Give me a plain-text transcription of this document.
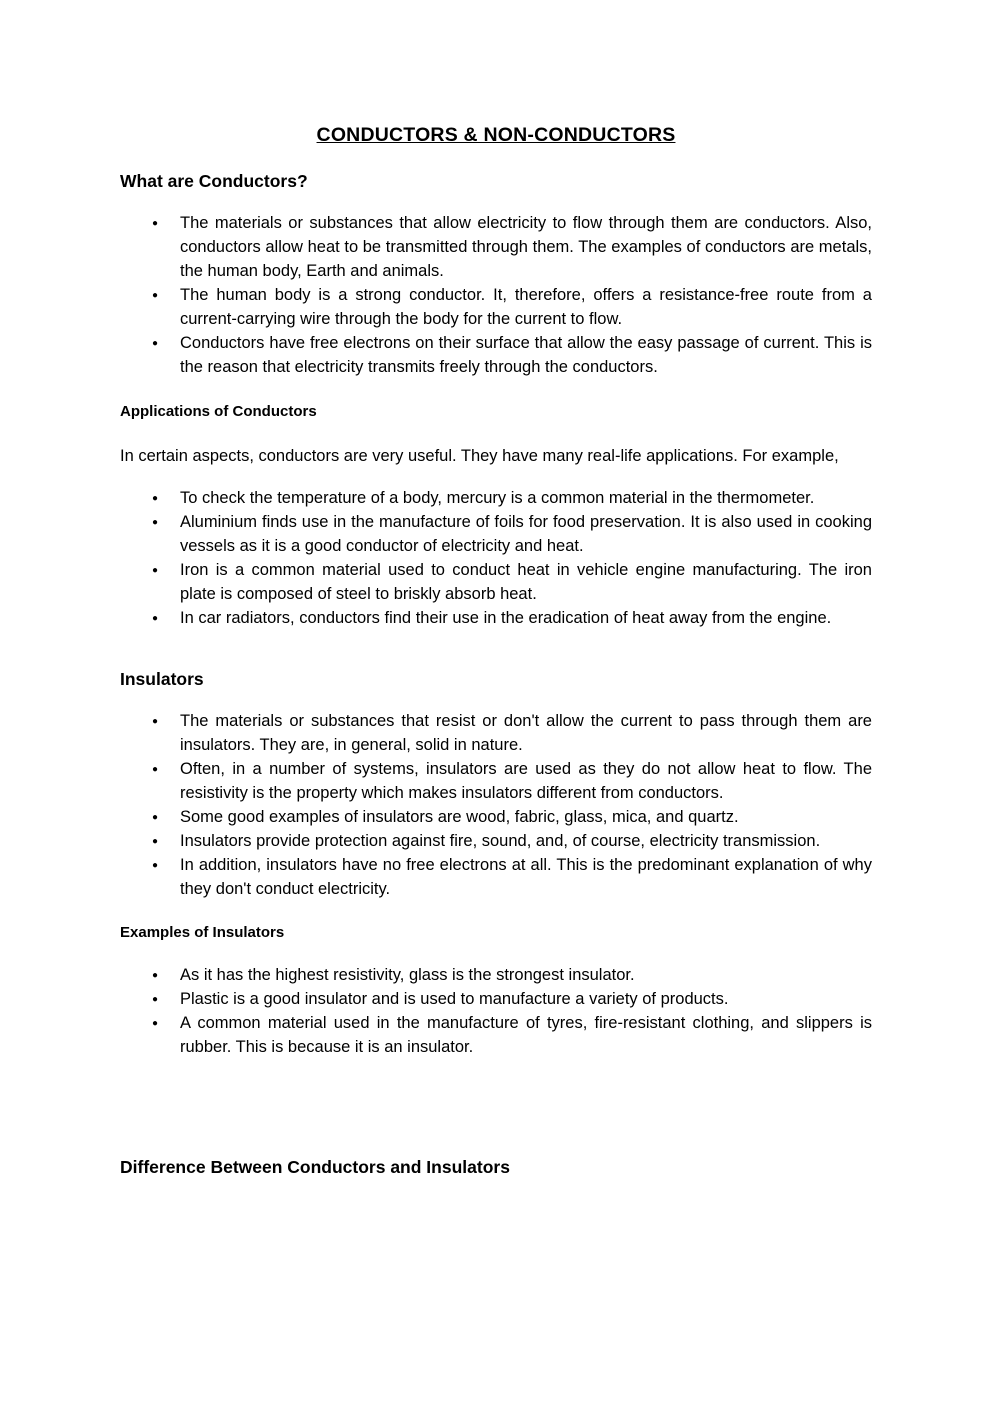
CONDUCTORS & NON-CONDUCTORS
What are Conductors?
● The materials or substances that allow electricity to flow through them are conductors. Also, conductors allow heat to be transmitted through them. The examples of conductors are metals, the human body, Earth and animals.
● The human body is a strong conductor. It, therefore, offers a resistance-free route from a current-carrying wire through the body for the current to flow.
● Conductors have free electrons on their surface that allow the easy passage of current. This is the reason that electricity transmits freely through the conductors.
Applications of Conductors

In certain aspects, conductors are very useful. They have many real-life applications. For example,

● To check the temperature of a body, mercury is a common material in the thermometer.
● Aluminium finds use in the manufacture of foils for food preservation. It is also used in cooking vessels as it is a good conductor of electricity and heat.
● Iron is a common material used to conduct heat in vehicle engine manufacturing. The iron plate is composed of steel to briskly absorb heat.
● In car radiators, conductors find their use in the eradication of heat away from the engine.
Insulators
● The materials or substances that resist or don't allow the current to pass through them are insulators. They are, in general, solid in nature.
● Often, in a number of systems, insulators are used as they do not allow heat to flow. The resistivity is the property which makes insulators different from conductors.
● Some good examples of insulators are wood, fabric, glass, mica, and quartz.
● Insulators provide protection against fire, sound, and, of course, electricity transmission.
● In addition, insulators have no free electrons at all. This is the predominant explanation of why they don't conduct electricity.
Examples of Insulators
● As it has the highest resistivity, glass is the strongest insulator.
● Plastic is a good insulator and is used to manufacture a variety of products.
● A common material used in the manufacture of tyres, fire-resistant clothing, and slippers is rubber. This is because it is an insulator.
Difference Between Conductors and Insulators
